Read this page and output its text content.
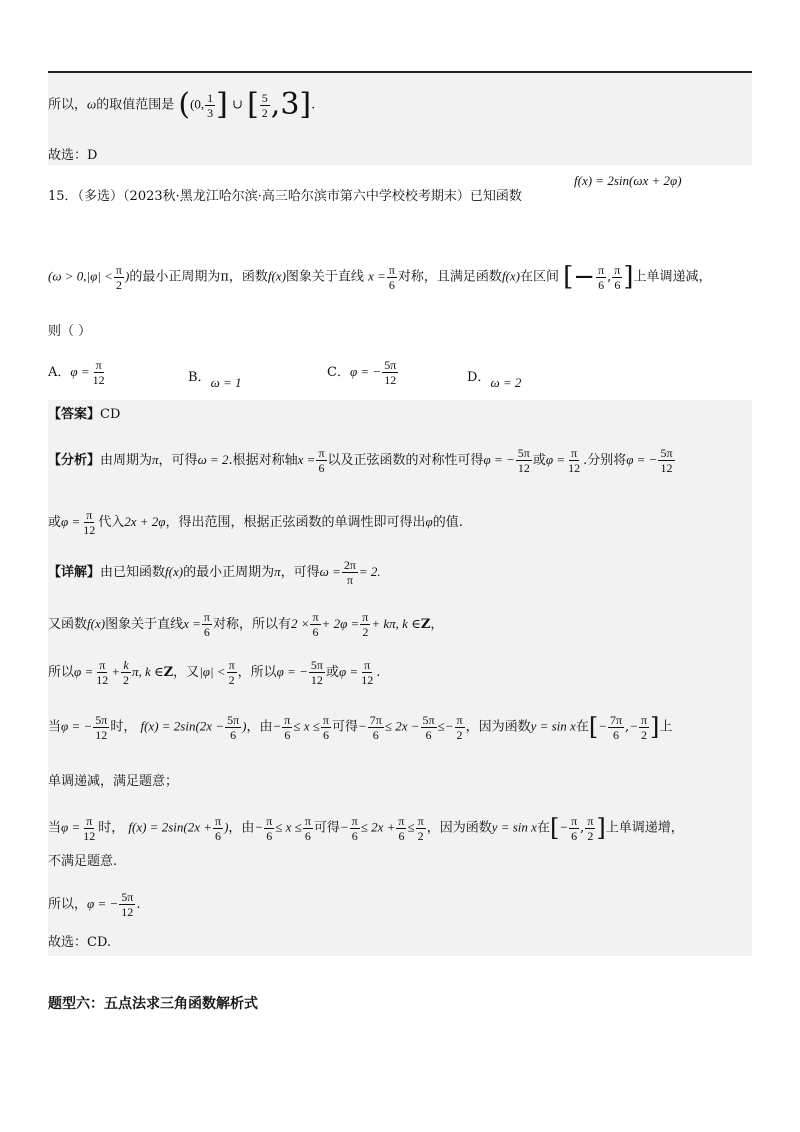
所以，ω的取值范围是 ((0, $\frac{1}{3}$ ] ∪ [ $\frac{5}{2} ,3$].
故选：D
15．（多选）（2023秋·黑龙江哈尔滨·高三哈尔滨市第六中学校校考期末）已知函数
f(x) = 2sin(ωx + 2φ)
($\omega > 0,|\varphi| < \frac{\pi}{2}$ )的最小正周期为π，函数f(x)图象关于直线 $x = \frac{\pi}{6}$ 对称，且满足函数f(x)在区间 [− $\frac{\pi}{6}$ , $\frac{\pi}{6}$ ]上单调递减，
则（ ）
A．$\varphi = \frac{\pi}{12}$	B．ω = 1
C．φ = − $\frac{5\pi}{12}$	D．ω = 2
【答案】CD
【分析】由周期为π，可得ω = 2.根据对称轴$x = \frac{\pi}{6}$ 以及正弦函数的对称性可得φ = − $\frac{5\pi}{12}$ 或$\varphi = \frac{\pi}{12}$ .分别将φ = − $\frac{5\pi}{12}$
或$\varphi = \frac{\pi}{12}$ 代入2x + 2φ，得出范围，根据正弦函数的单调性即可得出φ的值.
【详解】由已知函数f(x)的最小正周期为π，可得$\omega = \frac{2\pi}{\pi} = 2$.
又函数f(x)图象关于直线$x = \frac{\pi}{6}$ 对称，所以有$2 \times \frac{\pi}{6} + 2\varphi = \frac{\pi}{2} + k\pi$, k ∈Z，
所以$\varphi = \frac{\pi}{12} + \frac{k}{2} \pi$, k ∈Z，又$|\varphi| < \frac{\pi}{2}$ ，所以φ = − $\frac{5\pi}{12}$ 或$\varphi = \frac{\pi}{12}$ .
当φ = − $\frac{5\pi}{12}$ 时， $f(x) = 2\sin(2x - \frac{5\pi}{6}$ )，由− $\frac{\pi}{6} \le x \le \frac{\pi}{6}$ 可得− $\frac{7\pi}{6} \le 2x - \frac{5\pi}{6} \le- \frac{\pi}{2}$ ，因为函数y = sin x在[− $\frac{7\pi}{6}$ ,− $\frac{\pi}{2}$ ]上
单调递减，满足题意；
当$\varphi = \frac{\pi}{12}$ 时， $f(x) = 2\sin(2x + \frac{\pi}{6}$ )，由− $\frac{\pi}{6} \le x \le \frac{\pi}{6}$ 可得− $\frac{\pi}{6} \le 2x + \frac{\pi}{6} \le \frac{\pi}{2}$ ，因为函数y = sin x在[− $\frac{\pi}{6}$ , $\frac{\pi}{2}$ ]上单调递增，
不满足题意.
所以，φ = − $\frac{5\pi}{12}$ .
故选：CD.
题型六：五点法求三角函数解析式
